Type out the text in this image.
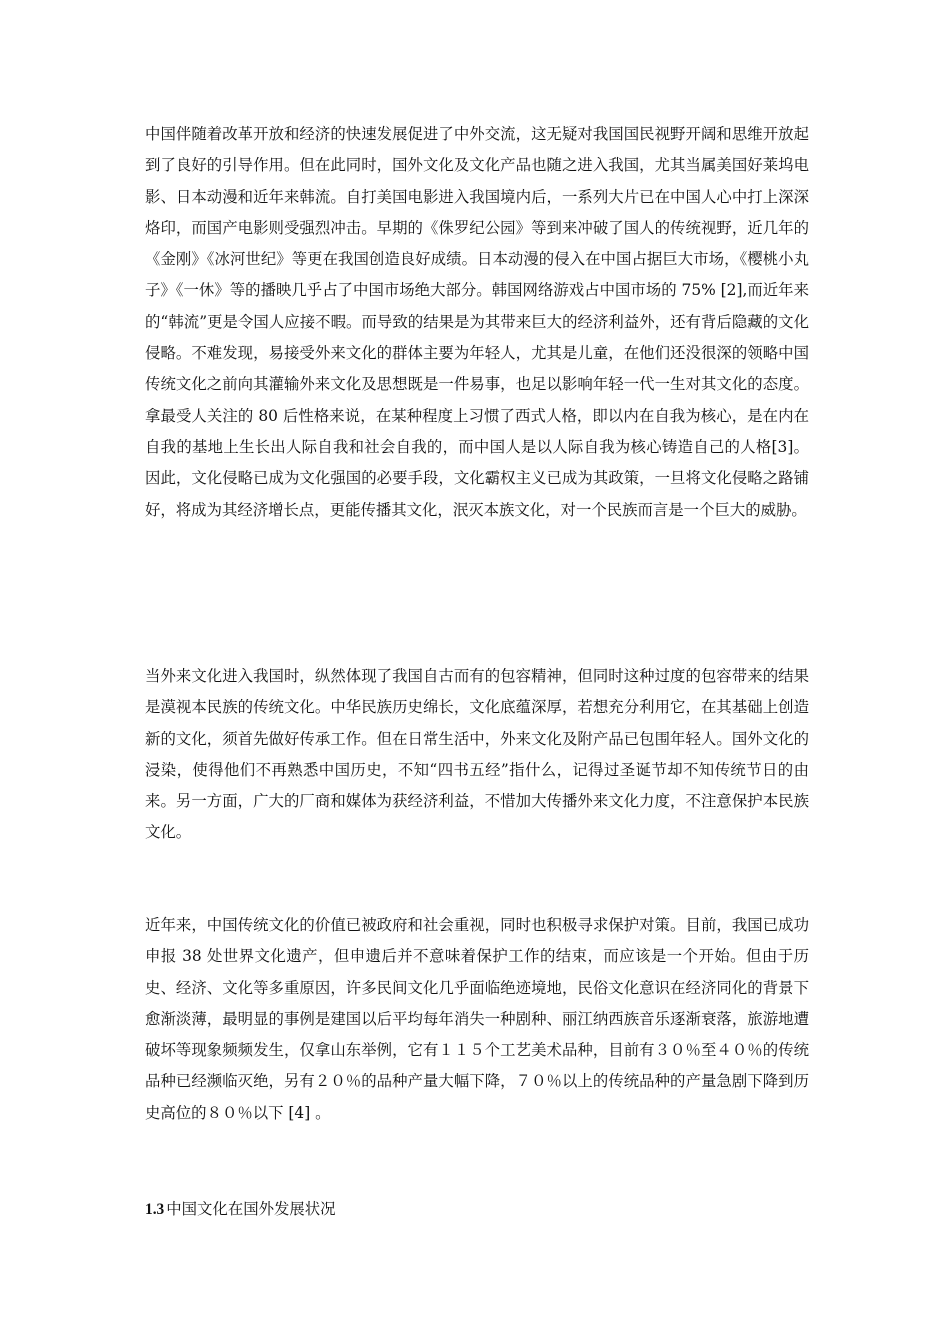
中国伴随着改革开放和经济的快速发展促进了中外交流，这无疑对我国国民视野开阔和思维开放起到了良好的引导作用。但在此同时，国外文化及文化产品也随之进入我国，尤其当属美国好莱坞电影、日本动漫和近年来韩流。自打美国电影进入我国境内后，一系列大片已在中国人心中打上深深烙印，而国产电影则受强烈冲击。早期的《侏罗纪公园》等到来冲破了国人的传统视野，近几年的《金刚》《冰河世纪》等更在我国创造良好成绩。日本动漫的侵入在中国占据巨大市场，《樱桃小丸子》《一休》等的播映几乎占了中国市场绝大部分。韩国网络游戏占中国市场的 75% [2],而近年来的“韩流”更是令国人应接不暇。而导致的结果是为其带来巨大的经济利益外，还有背后隐藏的文化侵略。不难发现，易接受外来文化的群体主要为年轻人，尤其是儿童，在他们还没很深的领略中国传统文化之前向其灌输外来文化及思想既是一件易事，也足以影响年轻一代一生对其文化的态度。拿最受人关注的 80 后性格来说，在某种程度上习惯了西式人格，即以内在自我为核心，是在内在自我的基地上生长出人际自我和社会自我的，而中国人是以人际自我为核心铸造自己的人格[3]。因此，文化侵略已成为文化强国的必要手段，文化霸权主义已成为其政策，一旦将文化侵略之路铺好，将成为其经济增长点，更能传播其文化，泯灭本族文化，对一个民族而言是一个巨大的威胁。

当外来文化进入我国时，纵然体现了我国自古而有的包容精神，但同时这种过度的包容带来的结果是漠视本民族的传统文化。中华民族历史绵长，文化底蕴深厚，若想充分利用它，在其基础上创造新的文化，须首先做好传承工作。但在日常生活中，外来文化及附产品已包围年轻人。国外文化的浸染，使得他们不再熟悉中国历史，不知“四书五经”指什么，记得过圣诞节却不知传统节日的由来。另一方面，广大的厂商和媒体为获经济利益，不惜加大传播外来文化力度，不注意保护本民族文化。

近年来，中国传统文化的价值已被政府和社会重视，同时也积极寻求保护对策。目前，我国已成功申报 38 处世界文化遗产，但申遗后并不意味着保护工作的结束，而应该是一个开始。但由于历史、经济、文化等多重原因，许多民间文化几乎面临绝迹境地，民俗文化意识在经济同化的背景下愈渐淡薄，最明显的事例是建国以后平均每年消失一种剧种、丽江纳西族音乐逐渐衰落，旅游地遭破坏等现象频频发生，仅拿山东举例，它有１１５个工艺美术品种，目前有３０％至４０％的传统品种已经濒临灭绝，另有２０％的品种产量大幅下降，７０％以上的传统品种的产量急剧下降到历史高位的８０％以下 [4] 。

1.3 中国文化在国外发展状况
